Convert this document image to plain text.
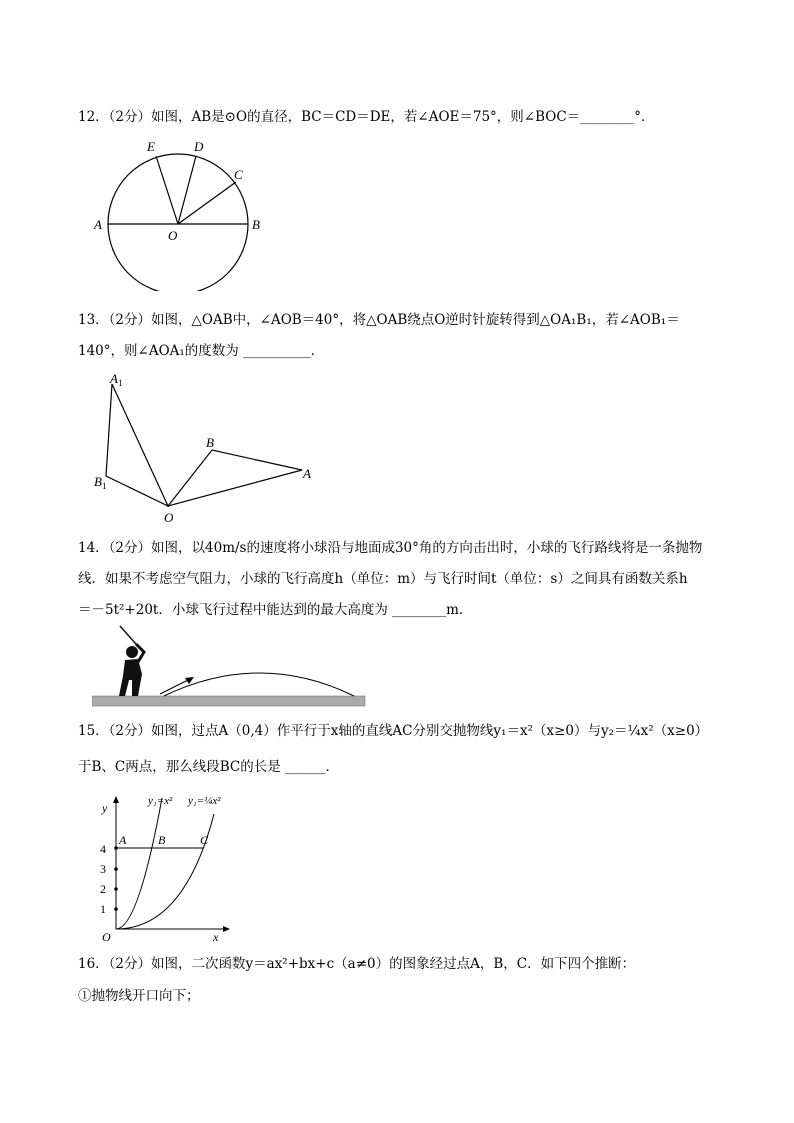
12．（2分）如图，AB是⊙O的直径，BC＝CD＝DE，若∠AOE＝75°，则∠BOC＝________°．
E	D
C
A	B
O
13．（2分）如图，△OAB中，∠AOB＝40°，将△OAB绕点O逆时针旋转得到△OA₁B₁，若∠AOB₁＝
140°，则∠AOA₁的度数为 __________．
$A_1$
B
A
$B_1$
O
14．（2分）如图，以40m/s的速度将小球沿与地面成30°角的方向击出时，小球的飞行路线将是一条抛物
线．如果不考虑空气阻力，小球的飞行高度h（单位：m）与飞行时间t（单位：s）之间具有函数关系h
＝－5t²+20t．小球飞行过程中能达到的最大高度为 ________m．
15．（2分）如图，过点A（0,4）作平行于x轴的直线AC分别交抛物线y₁＝x²（x≥0）与y₂＝¼x²（x≥0）
于B、C两点，那么线段BC的长是 ______．
1
2
3
4
y
x
O
A	B	C
y₁=x² y₁=¼x²
16．（2分）如图，二次函数y＝ax²+bx+c（a≠0）的图象经过点A，B，C．如下四个推断：
①抛物线开口向下；
